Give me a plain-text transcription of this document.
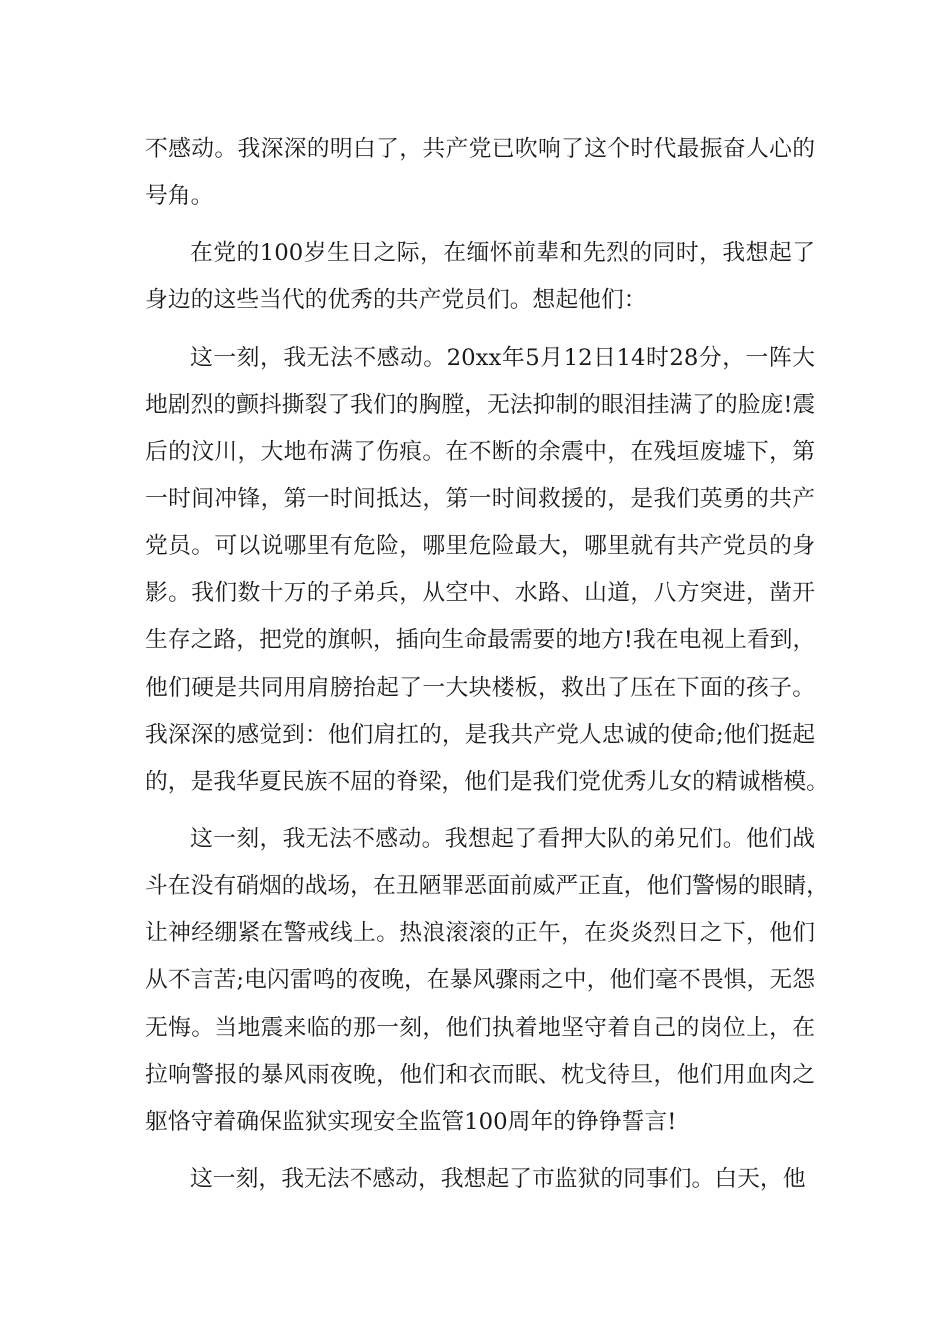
不感动。我深深的明白了，共产党已吹响了这个时代最振奋人心的
号角。
在党的100岁生日之际，在缅怀前辈和先烈的同时，我想起了
身边的这些当代的优秀的共产党员们。想起他们：
这一刻，我无法不感动。20xx年5月12日14时28分，一阵大
地剧烈的颤抖撕裂了我们的胸膛，无法抑制的眼泪挂满了的脸庞!震
后的汶川，大地布满了伤痕。在不断的余震中，在残垣废墟下，第
一时间冲锋，第一时间抵达，第一时间救援的，是我们英勇的共产
党员。可以说哪里有危险，哪里危险最大，哪里就有共产党员的身
影。我们数十万的子弟兵，从空中、水路、山道，八方突进，凿开
生存之路，把党的旗帜，插向生命最需要的地方!我在电视上看到，
他们硬是共同用肩膀抬起了一大块楼板，救出了压在下面的孩子。
我深深的感觉到：他们肩扛的，是我共产党人忠诚的使命;他们挺起
的，是我华夏民族不屈的脊梁，他们是我们党优秀儿女的精诚楷模。
这一刻，我无法不感动。我想起了看押大队的弟兄们。他们战
斗在没有硝烟的战场，在丑陋罪恶面前威严正直，他们警惕的眼睛，
让神经绷紧在警戒线上。热浪滚滚的正午，在炎炎烈日之下，他们
从不言苦;电闪雷鸣的夜晚，在暴风骤雨之中，他们毫不畏惧，无怨
无悔。当地震来临的那一刻，他们执着地坚守着自己的岗位上，在
拉响警报的暴风雨夜晚，他们和衣而眠、枕戈待旦，他们用血肉之
躯恪守着确保监狱实现安全监管100周年的铮铮誓言!
这一刻，我无法不感动，我想起了市监狱的同事们。白天，他
